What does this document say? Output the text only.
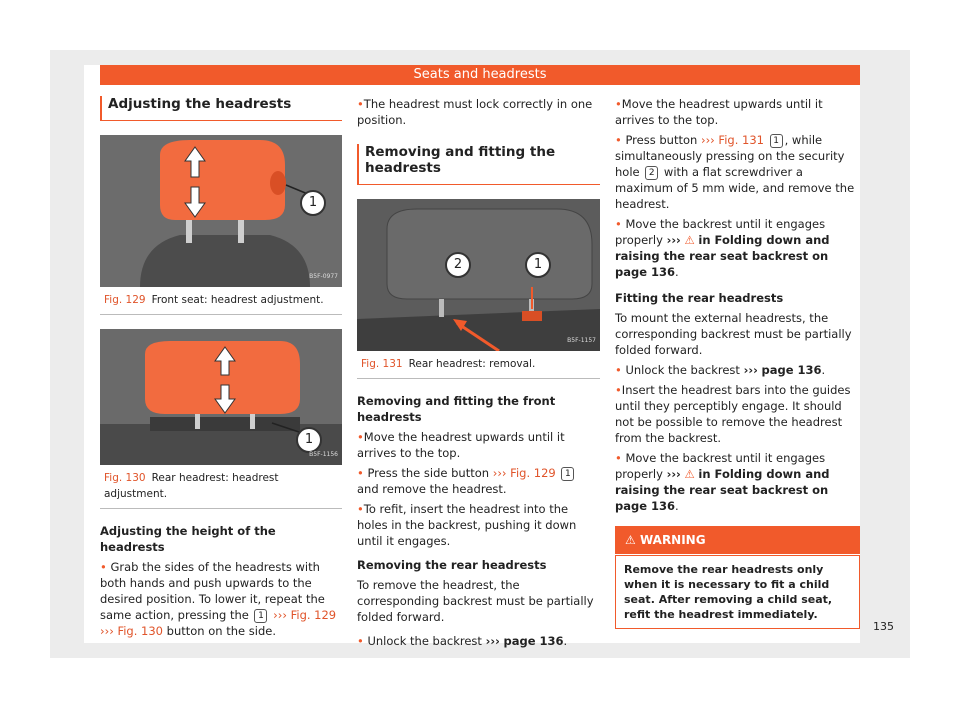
Seats and headrests
Adjusting the headrests
1
B5F-0977
Fig. 129 Front seat: headrest adjustment.
1
B5F-1156
Fig. 130 Rear headrest: headrest adjustment.
Adjusting the height of the headrests

• Grab the sides of the headrests with both hands and push upwards to the desired position. To lower it, repeat the same action, pressing the 1 ››› Fig. 129 ››› Fig. 130 button on the side.

• The headrest must lock correctly in one position.

Removing and fitting the headrests
2	1
B5F-1157
Fig. 131 Rear headrest: removal.
Removing and fitting the front headrests

• Move the headrest upwards until it arrives to the top.

• Press the side button ››› Fig. 129 1 and remove the headrest.

• To refit, insert the headrest into the holes in the backrest, pushing it down until it engages.

Removing the rear headrests

To remove the headrest, the corresponding backrest must be partially folded forward.

• Unlock the backrest ››› page 136.

• Move the headrest upwards until it arrives to the top.

• Press button ››› Fig. 131 1 , while simultaneously pressing on the security hole 2 with a flat screwdriver a maximum of 5 mm wide, and remove the headrest.

• Move the backrest until it engages properly ››› ⚠ in Folding down and raising the rear seat backrest on page 136.

Fitting the rear headrests

To mount the external headrests, the corresponding backrest must be partially folded forward.

• Unlock the backrest ››› page 136.

• Insert the headrest bars into the guides until they perceptibly engage. It should not be possible to remove the headrest from the backrest.

• Move the backrest until it engages properly ››› ⚠ in Folding down and raising the rear seat backrest on page 136.

⚠ WARNING
Remove the rear headrests only when it is necessary to fit a child seat. After removing a child seat, refit the headrest immediately.
135
